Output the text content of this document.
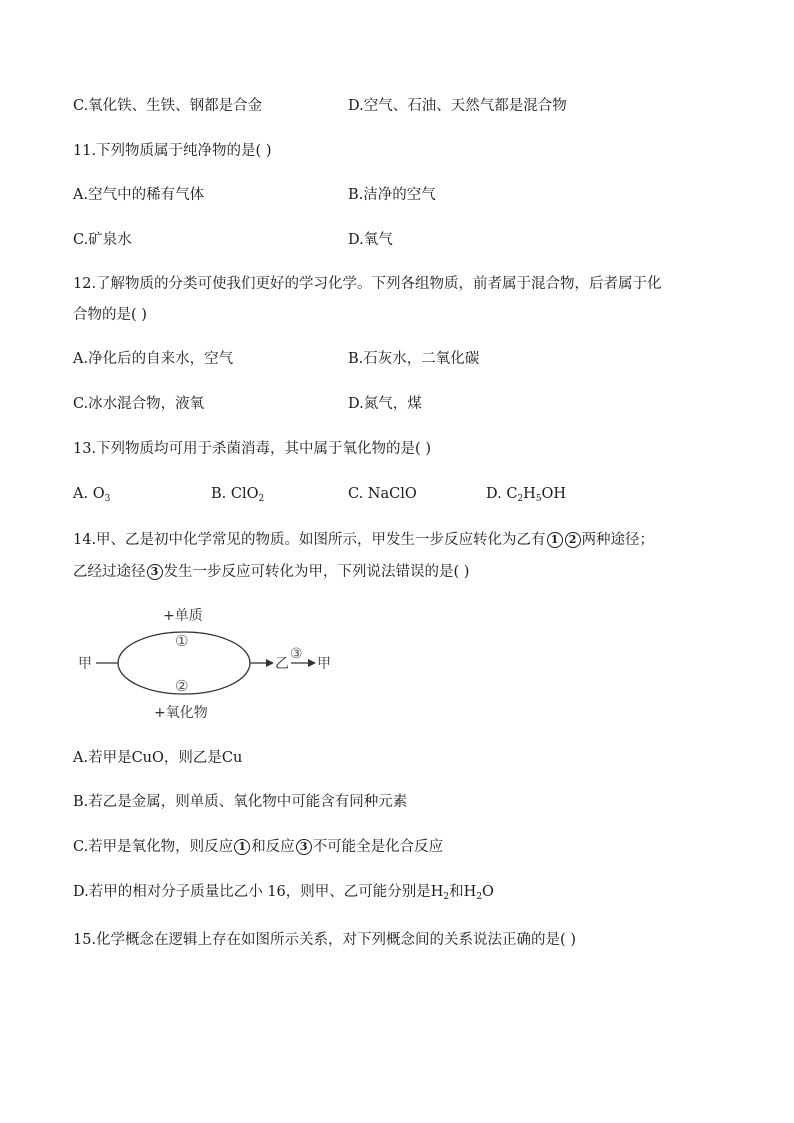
C.氧化铁、生铁、钢都是合金	D.空气、石油、天然气都是混合物
11.下列物质属于纯净物的是( )
A.空气中的稀有气体	B.洁净的空气
C.矿泉水	D.氧气
12.了解物质的分类可使我们更好的学习化学。下列各组物质，前者属于混合物，后者属于化
合物的是( )
A.净化后的自来水，空气	B.石灰水，二氧化碳
C.冰水混合物，液氧	D.氮气，煤
13.下列物质均可用于杀菌消毒，其中属于氧化物的是( )
A. $O_3$	B. ClO$_2$	C. NaClO	D. $C_2H_5OH$
14.甲、乙是初中化学常见的物质。如图所示，甲发生一步反应转化为乙有 1 2 两种途径；
乙经过途径 3 发生一步反应可转化为甲，下列说法错误的是( )
+单质
①
甲	乙
③
甲
②
+氧化物
A.若甲是CuO，则乙是Cu
B.若乙是金属，则单质、氧化物中可能含有同种元素
C.若甲是氧化物，则反应 1 和反应 3 不可能全是化合反应
D.若甲的相对分子质量比乙小 16，则甲、乙可能分别是$H_2$和$H_2O$
15.化学概念在逻辑上存在如图所示关系，对下列概念间的关系说法正确的是( )
